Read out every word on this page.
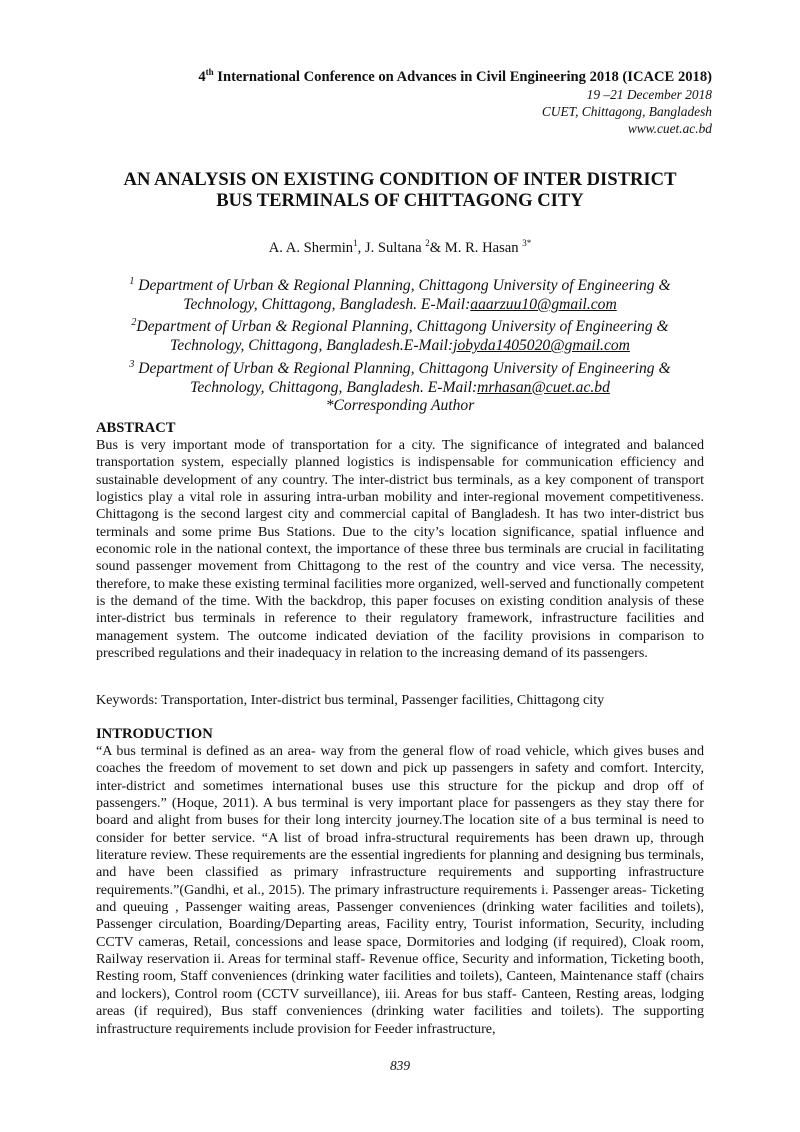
4th International Conference on Advances in Civil Engineering 2018 (ICACE 2018)
19 –21 December 2018
CUET, Chittagong, Bangladesh
www.cuet.ac.bd
AN ANALYSIS ON EXISTING CONDITION OF INTER DISTRICT
BUS TERMINALS OF CHITTAGONG CITY
A. A. Shermin$^1$, J. Sultana $^2$& M. R. Hasan $^{3*}$
$^1$ Department of Urban & Regional Planning, Chittagong University of Engineering &
Technology, Chittagong, Bangladesh. E-Mail:aaarzuu10@gmail.com
$^2$Department of Urban & Regional Planning, Chittagong University of Engineering &
Technology, Chittagong, Bangladesh.E-Mail:jobyda1405020@gmail.com
$^3$ Department of Urban & Regional Planning, Chittagong University of Engineering &
Technology, Chittagong, Bangladesh. E-Mail:mrhasan@cuet.ac.bd
*Corresponding Author
ABSTRACT
Bus is very important mode of transportation for a city. The significance of integrated and balanced transportation system, especially planned logistics is indispensable for communication efficiency and sustainable development of any country. The inter-district bus terminals, as a key component of transport logistics play a vital role in assuring intra-urban mobility and inter-regional movement competitiveness. Chittagong is the second largest city and commercial capital of Bangladesh. It has two inter-district bus terminals and some prime Bus Stations. Due to the city’s location significance, spatial influence and economic role in the national context, the importance of these three bus terminals are crucial in facilitating sound passenger movement from Chittagong to the rest of the country and vice versa. The necessity, therefore, to make these existing terminal facilities more organized, well-served and functionally competent is the demand of the time. With the backdrop, this paper focuses on existing condition analysis of these inter-district bus terminals in reference to their regulatory framework, infrastructure facilities and management system. The outcome indicated deviation of the facility provisions in comparison to prescribed regulations and their inadequacy in relation to the increasing demand of its passengers.
Keywords: Transportation, Inter-district bus terminal, Passenger facilities, Chittagong city
INTRODUCTION
“A bus terminal is defined as an area- way from the general flow of road vehicle, which gives buses and coaches the freedom of movement to set down and pick up passengers in safety and comfort. Intercity, inter-district and sometimes international buses use this structure for the pickup and drop off of passengers.” (Hoque, 2011). A bus terminal is very important place for passengers as they stay there for board and alight from buses for their long intercity journey.The location site of a bus terminal is need to consider for better service. “A list of broad infra-structural requirements has been drawn up, through literature review. These requirements are the essential ingredients for planning and designing bus terminals, and have been classified as primary infrastructure requirements and supporting infrastructure requirements.”(Gandhi, et al., 2015). The primary infrastructure requirements i. Passenger areas- Ticketing and queuing , Passenger waiting areas, Passenger conveniences (drinking water facilities and toilets), Passenger circulation, Boarding/Departing areas, Facility entry, Tourist information, Security, including CCTV cameras, Retail, concessions and lease space, Dormitories and lodging (if required), Cloak room, Railway reservation ii. Areas for terminal staff- Revenue office, Security and information, Ticketing booth, Resting room, Staff conveniences (drinking water facilities and toilets), Canteen, Maintenance staff (chairs and lockers), Control room (CCTV surveillance), iii. Areas for bus staff- Canteen, Resting areas, lodging areas (if required), Bus staff conveniences (drinking water facilities and toilets). The supporting infrastructure requirements include provision for Feeder infrastructure,
839
